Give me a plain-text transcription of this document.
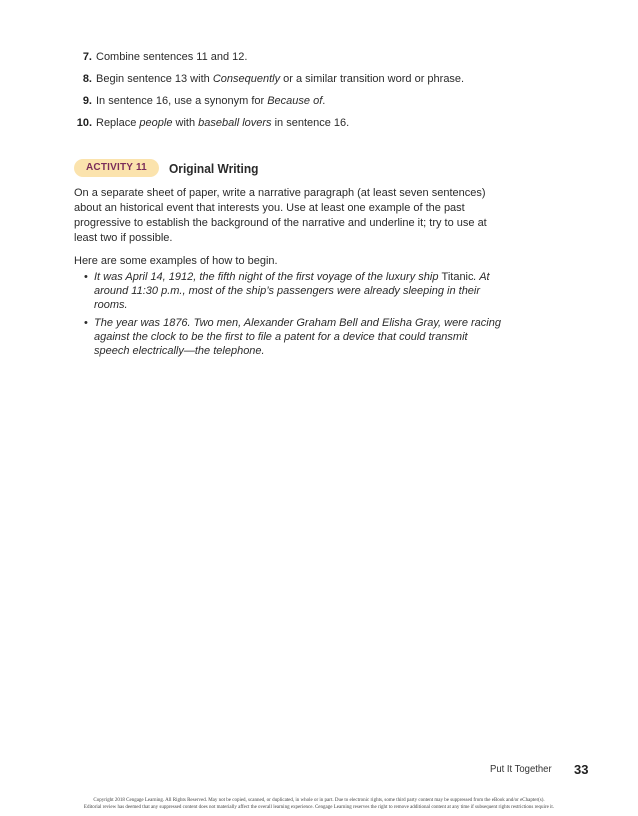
7. Combine sentences 11 and 12.
8. Begin sentence 13 with Consequently or a similar transition word or phrase.
9. In sentence 16, use a synonym for Because of.
10. Replace people with baseball lovers in sentence 16.
ACTIVITY 11	Original Writing

On a separate sheet of paper, write a narrative paragraph (at least seven sentences) about an historical event that interests you. Use at least one example of the past progressive to establish the background of the narrative and underline it; try to use at least two if possible.

Here are some examples of how to begin.

• It was April 14, 1912, the fifth night of the first voyage of the luxury ship Titanic. At around 11:30 p.m., most of the ship’s passengers were already sleeping in their rooms.
• The year was 1876. Two men, Alexander Graham Bell and Elisha Gray, were racing against the clock to be the first to file a patent for a device that could transmit speech electrically—the telephone.
Put It Together 33
Copyright 2018 Cengage Learning. All Rights Reserved. May not be copied, scanned, or duplicated, in whole or in part. Due to electronic rights, some third party content may be suppressed from the eBook and/or eChapter(s).
Editorial review has deemed that any suppressed content does not materially affect the overall learning experience. Cengage Learning reserves the right to remove additional content at any time if subsequent rights restrictions require it.
